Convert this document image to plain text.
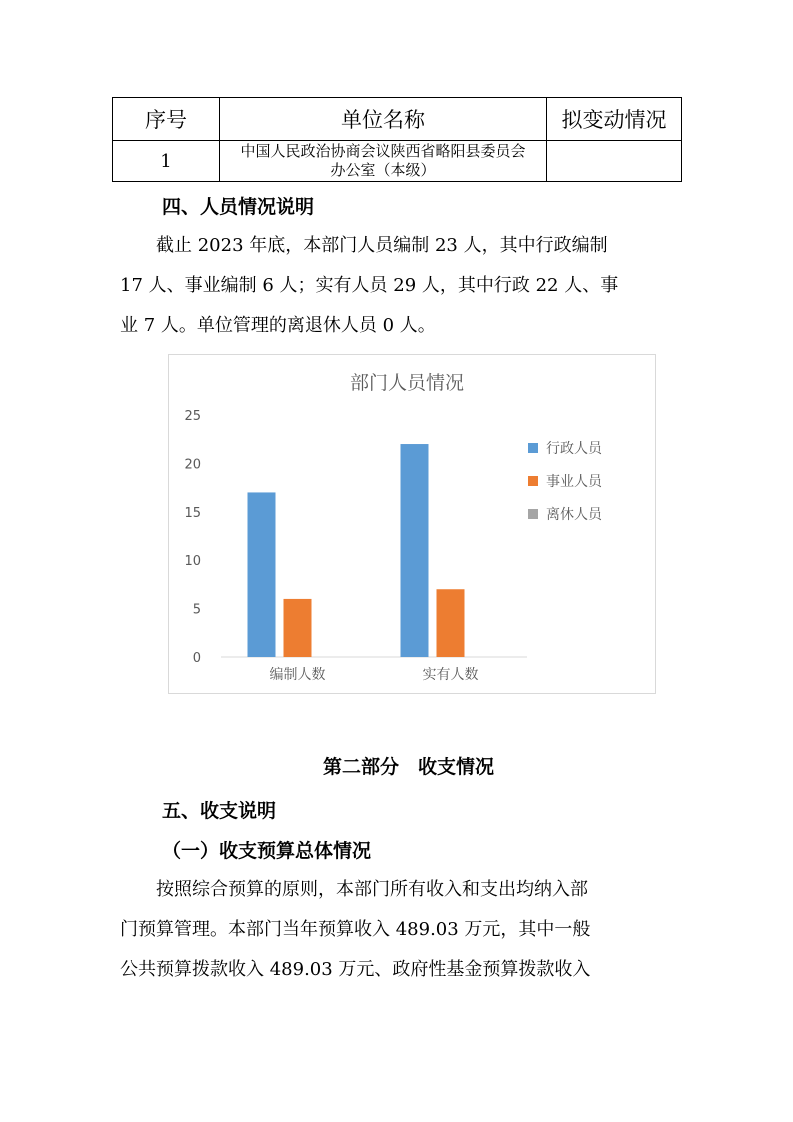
序号	单位名称	拟变动情况
1	中国人民政治协商会议陕西省略阳县委员会
办公室（本级）	

四、人员情况说明
截止 2023 年底，本部门人员编制 23 人，其中行政编制
17 人、事业编制 6 人；实有人员 29 人，其中行政 22 人、事
业 7 人。单位管理的离退休人员 0 人。
部门人员情况
0
5
10
15
20
25
编制人数	实有人数
行政人员
事业人员
离休人员
第二部分　收支情况
五、收支说明
（一）收支预算总体情况
按照综合预算的原则，本部门所有收入和支出均纳入部
门预算管理。本部门当年预算收入 489.03 万元，其中一般
公共预算拨款收入 489.03 万元、政府性基金预算拨款收入
